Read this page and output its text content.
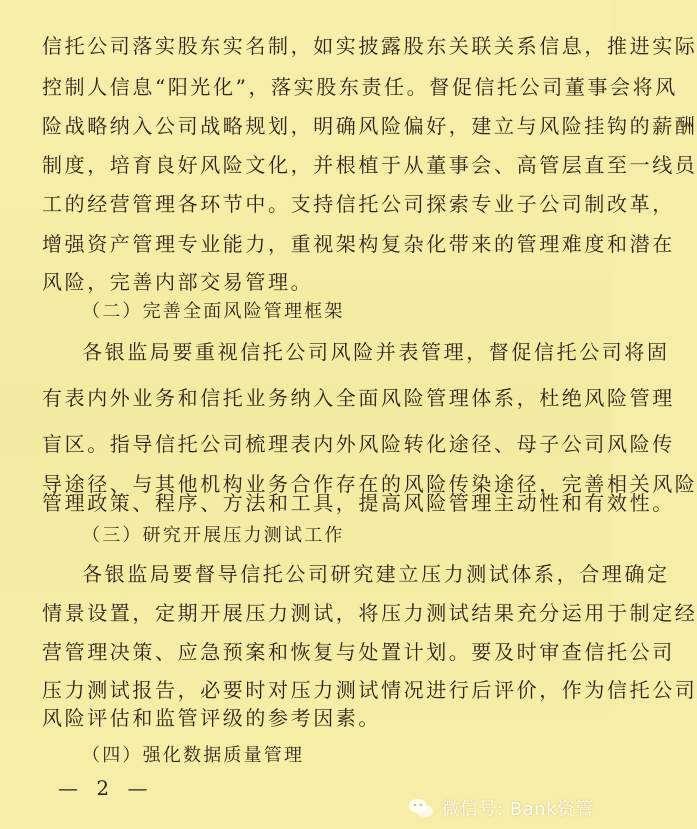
信托公司落实股东实名制，如实披露股东关联关系信息，推进实际
控制人信息“阳光化”，落实股东责任。督促信托公司董事会将风
险战略纳入公司战略规划，明确风险偏好，建立与风险挂钩的薪酬
制度，培育良好风险文化，并根植于从董事会、高管层直至一线员
工的经营管理各环节中。支持信托公司探索专业子公司制改革，
增强资产管理专业能力，重视架构复杂化带来的管理难度和潜在
风险，完善内部交易管理。
（二）完善全面风险管理框架
各银监局要重视信托公司风险并表管理，督促信托公司将固
有表内外业务和信托业务纳入全面风险管理体系，杜绝风险管理
盲区。指导信托公司梳理表内外风险转化途径、母子公司风险传
导途径、与其他机构业务合作存在的风险传染途径，完善相关风险
管理政策、程序、方法和工具，提高风险管理主动性和有效性。
（三）研究开展压力测试工作
各银监局要督导信托公司研究建立压力测试体系，合理确定
情景设置，定期开展压力测试，将压力测试结果充分运用于制定经
营管理决策、应急预案和恢复与处置计划。要及时审查信托公司
压力测试报告，必要时对压力测试情况进行后评价，作为信托公司
风险评估和监管评级的参考因素。
（四）强化数据质量管理
— 2 —
微信号: Bank资管
